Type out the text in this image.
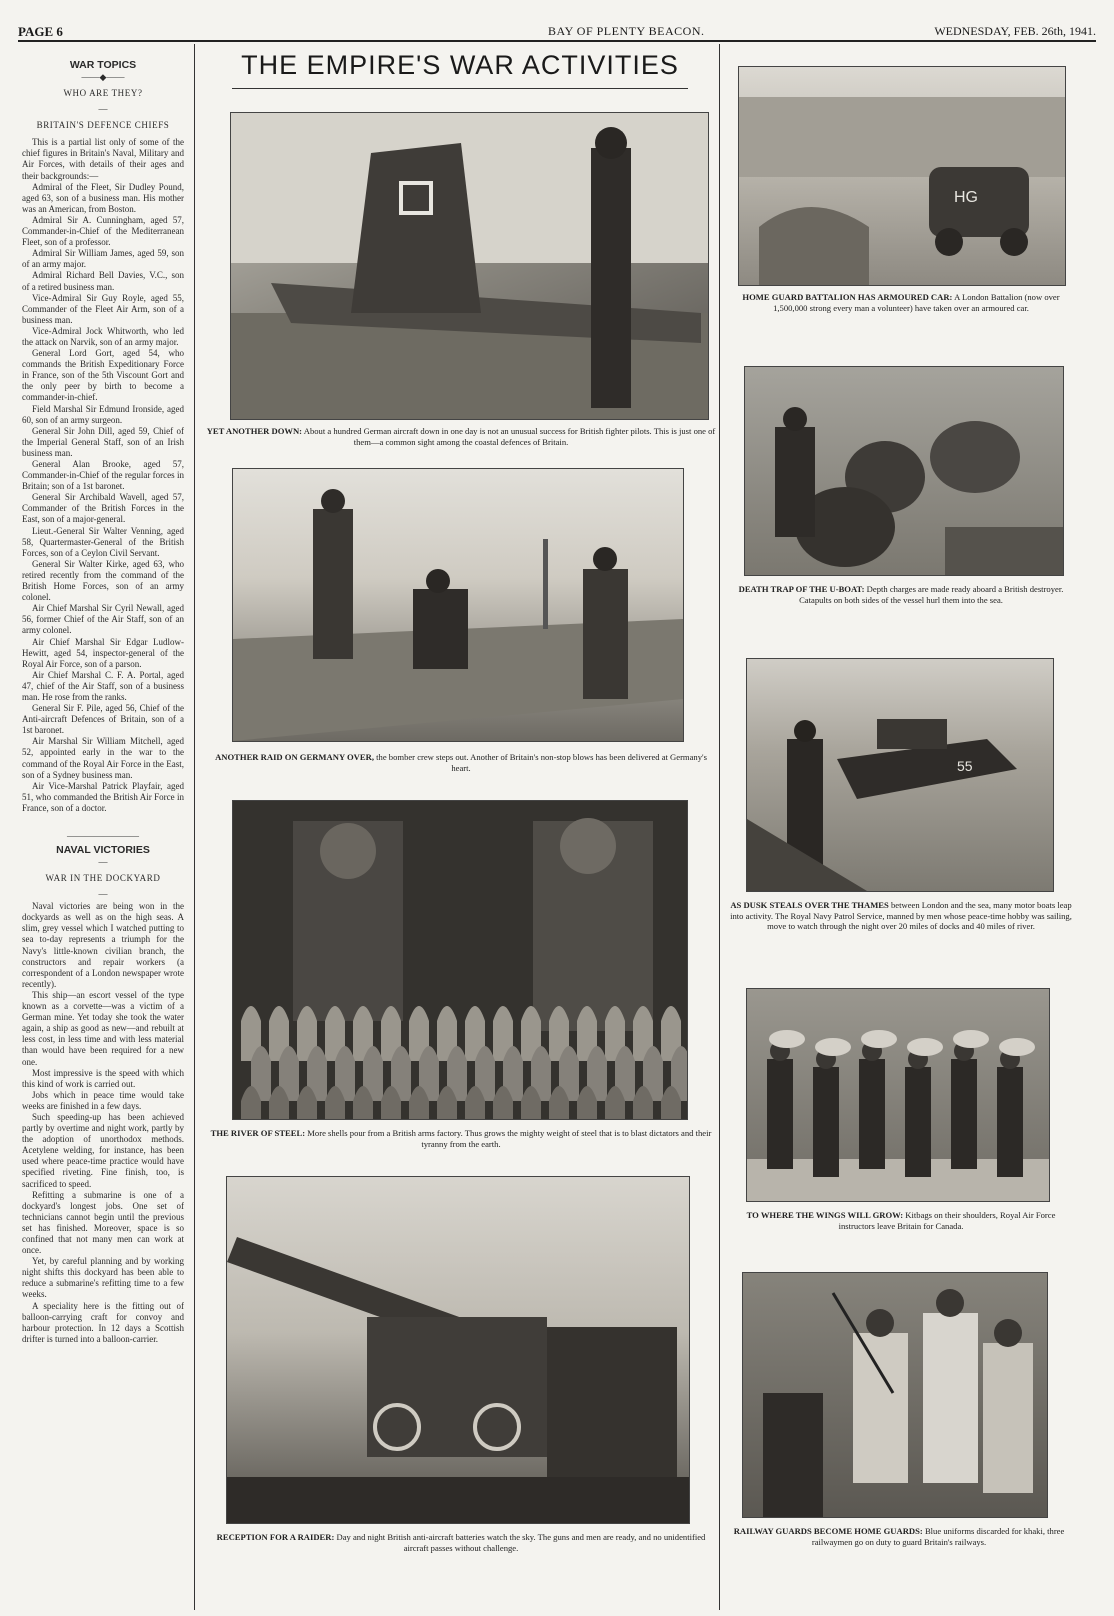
PAGE 6	BAY OF PLENTY BEACON.	WEDNESDAY, FEB. 26th, 1941.
WAR TOPICS
——◆——
WHO ARE THEY?
—
BRITAIN'S DEFENCE CHIEFS

This is a partial list only of some of the chief figures in Britain's Naval, Military and Air Forces, with details of their ages and their backgrounds:—

Admiral of the Fleet, Sir Dudley Pound, aged 63, son of a business man. His mother was an American, from Boston.

Admiral Sir A. Cunningham, aged 57, Commander-in-Chief of the Mediterranean Fleet, son of a professor.

Admiral Sir William James, aged 59, son of an army major.

Admiral Richard Bell Davies, V.C., son of a retired business man.

Vice-Admiral Sir Guy Royle, aged 55, Commander of the Fleet Air Arm, son of a business man.

Vice-Admiral Jock Whitworth, who led the attack on Narvik, son of an army major.

General Lord Gort, aged 54, who commands the British Expeditionary Force in France, son of the 5th Viscount Gort and the only peer by birth to become a commander-in-chief.

Field Marshal Sir Edmund Ironside, aged 60, son of an army surgeon.

General Sir John Dill, aged 59, Chief of the Imperial General Staff, son of an Irish business man.

General Alan Brooke, aged 57, Commander-in-Chief of the regular forces in Britain; son of a 1st baronet.

General Sir Archibald Wavell, aged 57, Commander of the British Forces in the East, son of a major-general.

Lieut.-General Sir Walter Venning, aged 58, Quartermaster-General of the British Forces, son of a Ceylon Civil Servant.

General Sir Walter Kirke, aged 63, who retired recently from the command of the British Home Forces, son of an army colonel.

Air Chief Marshal Sir Cyril Newall, aged 56, former Chief of the Air Staff, son of an army colonel.

Air Chief Marshal Sir Edgar Ludlow-Hewitt, aged 54, inspector-general of the Royal Air Force, son of a parson.

Air Chief Marshal C. F. A. Portal, aged 47, chief of the Air Staff, son of a business man. He rose from the ranks.

General Sir F. Pile, aged 56, Chief of the Anti-aircraft Defences of Britain, son of a 1st baronet.

Air Marshal Sir William Mitchell, aged 52, appointed early in the war to the command of the Royal Air Force in the East, son of a Sydney business man.

Air Vice-Marshal Patrick Playfair, aged 51, who commanded the British Air Force in France, son of a doctor.

————————
NAVAL VICTORIES
—
WAR IN THE DOCKYARD
—

Naval victories are being won in the dockyards as well as on the high seas. A slim, grey vessel which I watched putting to sea to-day represents a triumph for the Navy's little-known civilian branch, the constructors and repair workers (a correspondent of a London newspaper wrote recently).

This ship—an escort vessel of the type known as a corvette—was a victim of a German mine. Yet today she took the water again, a ship as good as new—and rebuilt at less cost, in less time and with less material than would have been required for a new one.

Most impressive is the speed with which this kind of work is carried out.

Jobs which in peace time would take weeks are finished in a few days.

Such speeding-up has been achieved partly by overtime and night work, partly by the adoption of unorthodox methods. Acetylene welding, for instance, has been used where peace-time practice would have specified riveting. Fine finish, too, is sacrificed to speed.

Refitting a submarine is one of a dockyard's longest jobs. One set of technicians cannot begin until the previous set has finished. Moreover, space is so confined that not many men can work at once.

Yet, by careful planning and by working night shifts this dockyard has been able to reduce a submarine's refitting time to a few weeks.

A speciality here is the fitting out of balloon-carrying craft for convoy and harbour protection. In 12 days a Scottish drifter is turned into a balloon-carrier.

THE EMPIRE'S WAR ACTIVITIES
YET ANOTHER DOWN: About a hundred German aircraft down in one day is not an unusual success for British fighter pilots. This is just one of them—a common sight among the coastal defences of Britain.
ANOTHER RAID ON GERMANY OVER, the bomber crew steps out. Another of Britain's non-stop blows has been delivered at Germany's heart.
THE RIVER OF STEEL: More shells pour from a British arms factory. Thus grows the mighty weight of steel that is to blast dictators and their tyranny from the earth.
RECEPTION FOR A RAIDER: Day and night British anti-aircraft batteries watch the sky. The guns and men are ready, and no unidentified aircraft passes without challenge.
HG
HOME GUARD BATTALION HAS ARMOURED CAR: A London Battalion (now over 1,500,000 strong every man a volunteer) have taken over an armoured car.
DEATH TRAP OF THE U-BOAT: Depth charges are made ready aboard a British destroyer. Catapults on both sides of the vessel hurl them into the sea.
55
AS DUSK STEALS OVER THE THAMES between London and the sea, many motor boats leap into activity. The Royal Navy Patrol Service, manned by men whose peace-time hobby was sailing, move to watch through the night over 20 miles of docks and 40 miles of river.
TO WHERE THE WINGS WILL GROW: Kitbags on their shoulders, Royal Air Force instructors leave Britain for Canada.
RAILWAY GUARDS BECOME HOME GUARDS: Blue uniforms discarded for khaki, three railwaymen go on duty to guard Britain's railways.
